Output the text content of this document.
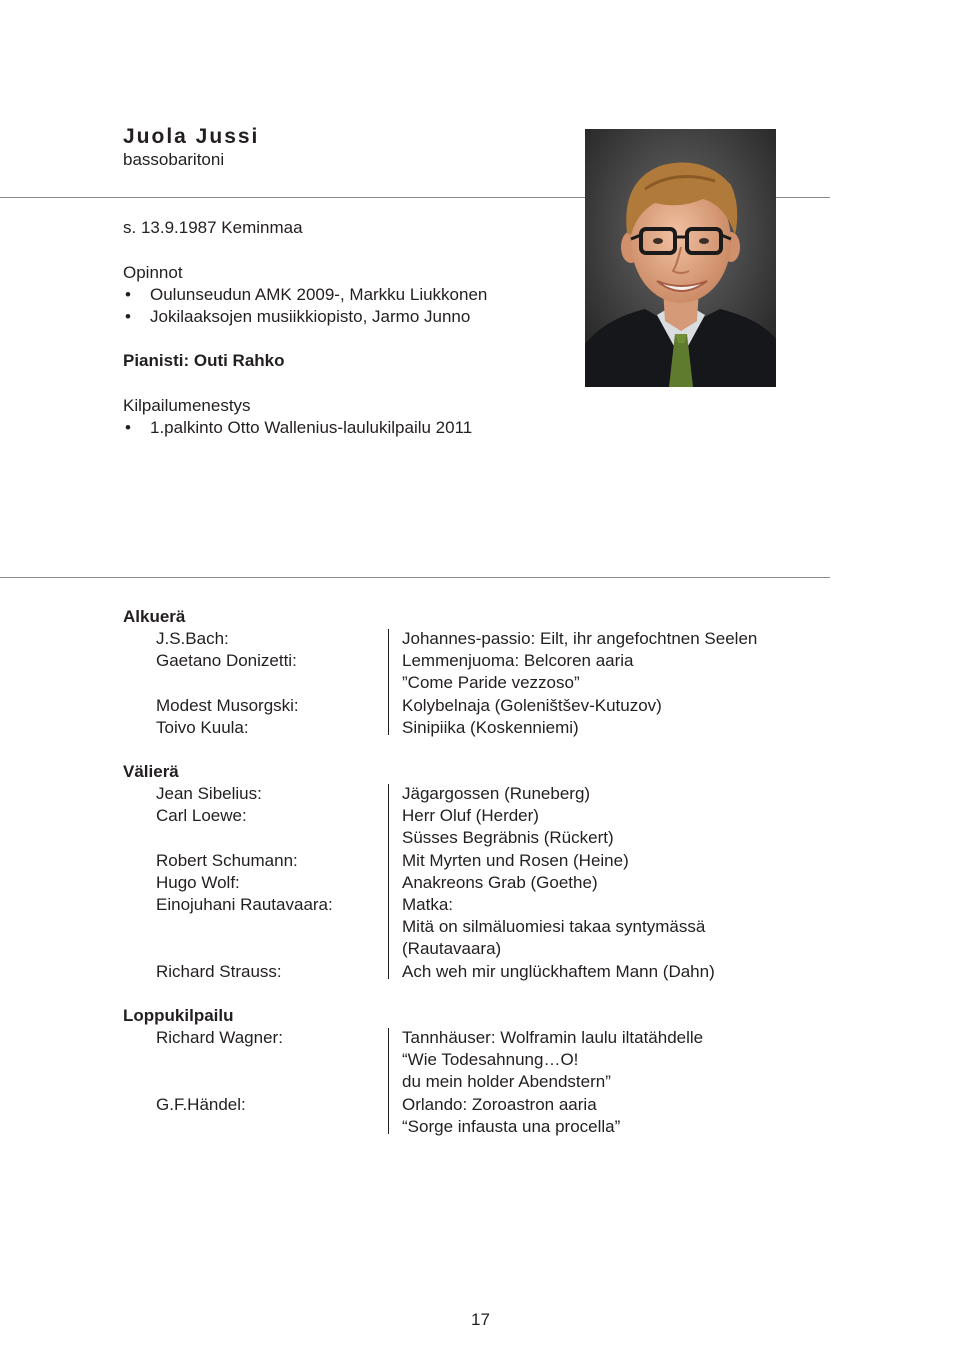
Juola Jussi
bassobaritoni
s. 13.9.1987 Keminmaa
Opinnot
• Oulunseudun AMK 2009-, Markku Liukkonen
• Jokilaaksojen musiikkiopisto, Jarmo Junno
Pianisti: Outi Rahko
Kilpailumenestys
• 1.palkinto Otto Wallenius-laulukilpailu 2011
Alkuerä
J.S.Bach:
Gaetano Donizetti:
Modest Musorgski:
Toivo Kuula:
Johannes-passio: Eilt, ihr angefochtnen Seelen
Lemmenjuoma: Belcoren aaria
”Come Paride vezzoso”
Kolybelnaja (Goleništšev-Kutuzov)
Sinipiika (Koskenniemi)
Välierä
Jean Sibelius:
Carl Loewe:
Robert Schumann:
Hugo Wolf:
Einojuhani Rautavaara:
Richard Strauss:
Jägargossen (Runeberg)
Herr Oluf (Herder)
Süsses Begräbnis (Rückert)
Mit Myrten und Rosen (Heine)
Anakreons Grab (Goethe)
Matka:
Mitä on silmäluomiesi takaa syntymässä
(Rautavaara)
Ach weh mir unglückhaftem Mann (Dahn)
Loppukilpailu
Richard Wagner:
G.F.Händel:
Tannhäuser: Wolframin laulu iltatähdelle
“Wie Todesahnung…O!
du mein holder Abendstern”
Orlando: Zoroastron aaria
“Sorge infausta una procella”
17
